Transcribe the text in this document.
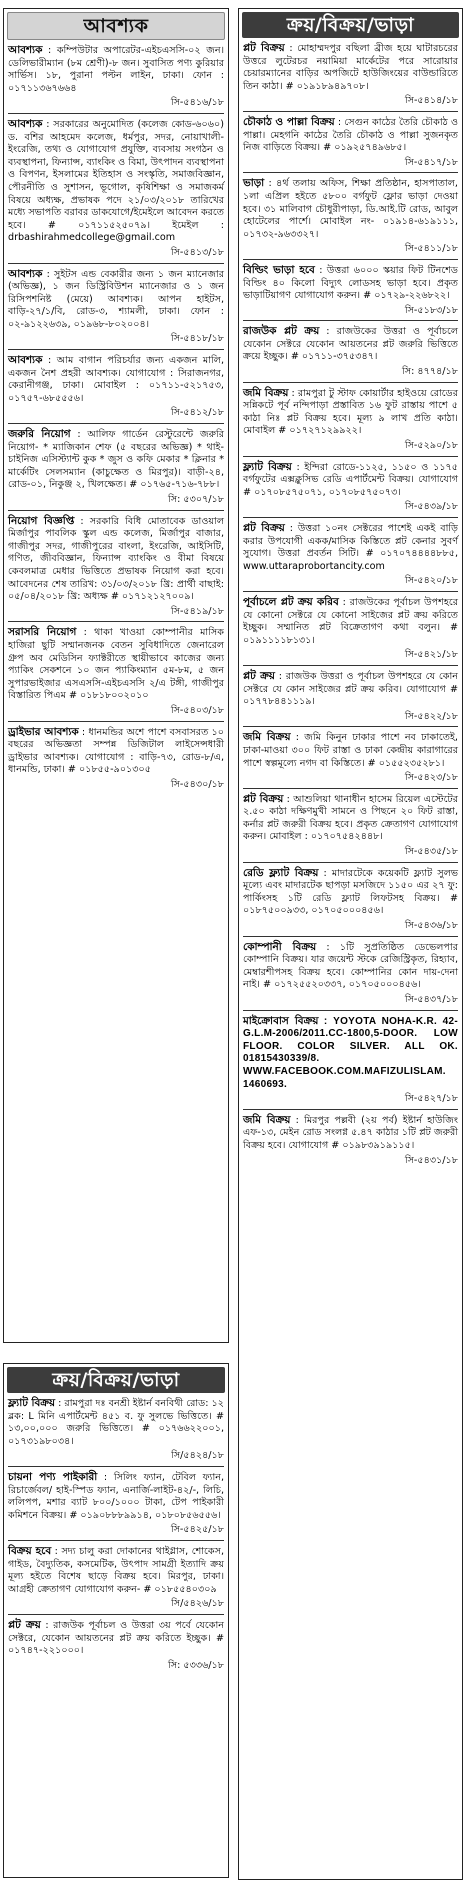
আবশ্যক
আবশ্যক : কম্পিউটার অপারেটর-এইচএসসি-০২ জন। ডেলিভারীম্যান (৮ম শ্রেণী)-৮ জন। সুবাসিত পণ্য কুরিয়ার সার্ভিস। ১৮, পুরানা পল্টন লাইন, ঢাকা। ফোন : ০১৭১১৩৬৭৬৬৪
সি-৫৪১৬/১৮
আবশ্যক : সরকারের অনুমোদিত (কলেজ কোড-৬০৬০) ড. বশির আহমেদ কলেজ, ধর্মপুর, সদর, নোয়াখালী-ইংরেজি, তথ্য ও যোগাযোগ প্রযুক্তি, ব্যবসায় সংগঠন ও ব্যবস্থাপনা, ফিন্যান্স, ব্যাংকিং ও বিমা, উৎপাদন ব্যবস্থাপনা ও বিপণন, ইসলামের ইতিহাস ও সংস্কৃতি, সমাজবিজ্ঞান, পৌরনীতি ও সুশাসন, ভূগোল, কৃষিশিক্ষা ও সমাজকর্ম বিষয়ে অধ্যক্ষ, প্রভাষক পদে ২১/০৩/২০১৮ তারিখের মধ্যে সভাপতি বরাবর ডাকযোগে/ইমেইলে আবেদন করতে হবে। # ০১৭১১৫২৫০৭৯। ইমেইল : drbashirahmedcollege@gmail.com
সি-৫৪১৩/১৮
আবশ্যক : সুইটস এন্ড বেকারীর জন্য ১ জন ম্যানেজার (অভিজ্ঞ), ১ জন ডিস্ট্রিবিউশন ম্যানেজার ও ১ জন রিসিপশনিষ্ট (মেয়ে) আবশ্যক। আপন হাইটস, বাড়ি-২৭/১/বি, রোড-৩, শ্যামলী, ঢাকা। ফোন : ০২-৯১২২৬৩৯, ০১৯৬৮-৮০২০০৪।
সি-৫৪১৮/১৮
আবশ্যক : আম বাগান পরিচর্যার জন্য একজন মালি, একজন নৈশ প্রহরী আবশ্যক। যোগাযোগ : সিরাজনগর, কেরানীগঞ্জ, ঢাকা। মোবাইল : ০১৭১১-৫২১৭৫৩, ০১৭৫৭-৬৮৫৫৫৬।
সি-৫৪১২/১৮
জরুরি নিয়োগ : আলিফ গার্ডেন রেস্টুরেন্টে জরুরি নিয়োগ- * ম্যাজিকান শেফ (৫ বছরের অভিজ্ঞ) * থাই-চাইনিজ এসিস্ট্যান্ট কুক * জুস ও কফি মেকার * ক্লিনার * মার্কেটিং সেলসম্যান (কাচুক্ষেত ও মিরপুর)। বাড়ী-২৪, রোড-০১, নিকুঞ্জ ২, খিলক্ষেত। # ০১৭৬৫-৭১৬-৭৮৮।
সি: ৫৩০৭/১৮
নিয়োগ বিজ্ঞপ্তি : সরকারি বিধি মোতাবেক ডাওয়াল মির্জাপুর পাবলিক স্কুল এন্ড কলেজ, মির্জাপুর বাজার, গাজীপুর সদর, গাজীপুরের বাংলা, ইংরেজি, আইসিটি, গণিত, জীববিজ্ঞান, ফিন্যান্স ব্যাংকিং ও বীমা বিষয়ে কেবলমাত্র মেধার ভিত্তিতে প্রভাষক নিয়োগ করা হবে। আবেদনের শেষ তারিখ: ৩১/০৩/২০১৮ খ্রি: প্রার্থী বাছাই: ০৫/০৪/২০১৮ খ্রি: অধ্যক্ষ # ০১৭১২১২৭০০৯।
সি-৫৪১৯/১৮
সরাসরি নিয়োগ : থাকা খাওয়া কোম্পানীর মাসিক হাজিরা ছুটি সম্মানজনক বেতন সুবিধাদিতে জেনারেল গ্রুপ অব মেডিসিন ফ্যাক্টরীতে স্থায়ীভাবে কাজের জন্য প্যাকিং সেকশনে ১০ জন প্যাকিংম্যান ৫ম-৮ম, ৫ জন সুপারভাইজার এসএসসি-এইচএসসি ২/এ টঙ্গী, গাজীপুর বিস্তারিত পিএম # ০১৮১৮০০২০১০
সি-৫৪০৩/১৮
ড্রাইভার আবশ্যক : ধানমন্ডির অশে পাশে বসবাসরত ১০ বছরের অভিজ্ঞতা সম্পন্ন ডিজিটাল লাইসেন্সধারী ড্রাইভার আবশ্যক। যোগাযোগ : বাড়ি-৭৩, রোড-৮/এ, ধানমন্ডি, ঢাকা। # ০১৮৫৫-৯০১৩০৫
সি-৫৪৩০/১৮
ক্রয়/বিক্রয়/ভাড়া
ফ্ল্যাট বিক্রয় : রামপুরা দঃ বনশ্রী ইষ্টার্ন বনবিথী রোড: ১২ ব্লক: L মিনি এপার্টমেন্ট ৪৫১ ব. ফু সুলভে ভিত্তিতে। # ১৩,০০,০০০ জরুরি ভিত্তিতে। # ০১৭৬৬২২০০১, ০১৭৩১৯৮০৩৪।
সি/৫৪২৪/১৮
চায়না পণ্য পাইকারী : সিলিং ফ্যান, টেবিল ফ্যান, রিচার্জেবল/ হাই-স্পিড ফ্যান, এনার্জি-লাইট-৪২/-, লিচি, ললিপপ, মশার ব্যাট ৮০০/১০০০ টাকা, টেপ পাইকারী কমিশনে বিক্রয়। # ০১৯০৮৮৮৯৯১৪, ০১৮০৮৫৬৫৫৬।
সি-৫৪২৫/১৮
বিক্রয় হবে : সদ্য চালু করা দোকানের থাইগ্লাস, শোকেস, গাইড, বৈদ্যুতিক, কসমেটিক, উৎপাদ সামগ্রী ইত্যাদি ক্রয় মূল্য হইতে বিশেষ ছাড়ে বিক্রয় হবে। মিরপুর, ঢাকা। আগ্রহী ক্রেতাগণ যোগাযোগ করুন- # ০১৮৫৫৪০৩০৯
সি/৫৪২৬/১৮
প্লট ক্রয় : রাজউক পূর্বাচল ও উত্তরা ৩য় পর্বে যেকোন সেক্টরে, যেকোন আয়তনের প্লট ক্রয় করিতে ইচ্ছুক। # ০১৭৪৭-২২১০০০।
সি: ৫৩৩৬/১৮
ক্রয়/বিক্রয়/ভাড়া
প্লট বিক্রয় : মোহাম্মদপুর বছিলা ব্রীজ হয়ে ঘাটারচরের উত্তরে লুটেরচর নয়ামিয়া মার্কেটের পরে সারোয়ার চেয়ারম্যানের বাড়ির অপজিটে হাউজিংয়ের বাউন্ডারিতে তিন কাঠা। # ০১৯১৮৯৪৯৭০৮।
সি-৫৪১৪/১৮
চৌকাঠ ও পাল্লা বিক্রয় : সেগুন কাঠের তৈরি চৌকাঠ ও পাল্লা। মেহগনি কাঠের তৈরি চৌকাঠ ও পাল্লা সুজনকৃত নিজ বাড়িতে বিক্রয়। # ০১৯২৫৭৪৯৬৮৫।
সি-৫৪১৭/১৮
ভাড়া : ৪র্থ তলায় অফিস, শিক্ষা প্রতিষ্ঠান, হাসপাতাল, ১লা এপ্রিল হইতে ৫৮০০ বর্গফুট ফ্লোর ভাড়া দেওয়া হবে। ৩১ মালিবাগ চৌধুরীপাড়া, ডি.আই.টি রোড, আবুল হোটেলের পার্শে। মোবাইল নং- ০১৯১৪-৬১৯১১১, ০১৭৩২-৯৬৩৩২৭।
সি-৫৪১১/১৮
বিল্ডিং ভাড়া হবে : উত্তরা ৬০০০ স্কয়ার ফিট টিনশেড বিল্ডিং ৪০ কিলো বিদ্যুৎ লোডসহ ভাড়া হবে। প্রকৃত ভাড়াটিয়াগণ যোগাযোগ করুন। # ০১৭২৯-২২৬৮২২।
সি-৫১৮৩/১৮
রাজউক প্লট ক্রয় : রাজউকের উত্তরা ও পূর্বাচলে যেকোন সেক্টরে যেকোন আয়তনের প্লট জরুরি ভিত্তিতে ক্রয়ে ইচ্ছুক। # ০১৭১১-৩৭৫৩৪৭।
সি: ৪৭৭৪/১৮
জমি বিক্রয় : রামপুরা টু স্টাফ কোয়ার্টার হাইওয়ে রোডের সন্নিকটে পূর্ব নন্দিপাড়া প্রস্তাবিত ১৬ ফুট রাস্তায় পাশে ৫ কাঠা নিঃ প্লট বিক্রয় হবে। মূল্য ৯ লাখ প্রতি কাঠা। মোবাইল # ০১৭২৭১২৯৯২২।
সি-৫২৯০/১৮
ফ্ল্যাট বিক্রয় : ইন্দিরা রোডে-১১২৫, ১১৫০ ও ১১৭৫ বর্গফুটের এক্সক্লুসিভ রেডি এপার্টমেন্ট বিক্রয়। যোগাযোগ # ০১৭০৮৫৭৫০৭১, ০১৭০৮৫৭৫০৭৩।
সি-৫৪৩৯/১৮
প্লট বিক্রয় : উত্তরা ১০নং সেক্টরের পাশেই একই বাড়ি করার উপযোগী একক/মাসিক কিস্তিতে প্লট কেনার সুবর্ণ সুযোগ। উত্তরা প্রবর্তন সিটি। # ০১৭০৭৪৪৪৪৮৮৫, www.uttaraprobortancity.com
সি-৫৪২০/১৮
পূর্বাচলে প্লট ক্রয় করিব : রাজউকের পূর্বাচল উপশহরে যে কোনো সেক্টরে যে কোনো সাইজের প্লট ক্রয় করিতে ইচ্ছুক। সম্মানিত প্লট বিক্রেতাগণ কথা বলুন। # ০১৯১১১১৮১৩১।
সি-৫৪২১/১৮
প্লট ক্রয় : রাজউক উত্তরা ও পূর্বাচল উপশহরে যে কোন সেক্টরে যে কোন সাইজের প্লট ক্রয় করিব। যোগাযোগ # ০১৭৭৮৪৪১১১৯।
সি-৫৪২২/১৮
জমি বিক্রয় : জমি কিনুন ঢাকার পাশে নব ঢাকাতেই, ঢাকা-মাওয়া ৩০০ ফিট রাস্তা ও ঢাকা কেন্দ্রীয় কারাগারের পাশে স্বল্পমূল্যে নগদ বা কিস্তিতে। # ০১৫৫২৩৫২৮১।
সি-৫৪২৩/১৮
প্লট বিক্রয় : আশুলিয়া থানাধীন হাসেম রিয়েল এস্টেটের ২.৫০ কাঠা দক্ষিণমুখী সামনে ও পিছনে ২০ ফিট রাস্তা, কর্নার প্লট জরুরী বিক্রয় হবে। প্রকৃত ক্রেতাগণ যোগাযোগ করুন। মোবাইল : ০১৭০৭৫৪২৪৪৮।
সি-৫৪৩৫/১৮
রেডি ফ্ল্যাট বিক্রয় : মাদারটেকে কয়েকটি ফ্ল্যাট সুলভ মূল্যে এবং মাদারটেক ছাপড়া মসজিদে ১১৫০ এর ২৭ ফু: পার্কিংসহ ১টি রেডি ফ্ল্যাট লিফটসহ বিক্রয়। # ০১৮৭৫০০৯৩৩, ০১৭০৫০০০৪৫৬।
সি-৫৪৩৬/১৮
কোম্পানী বিক্রয় : ১টি সুপ্রতিষ্ঠিত ডেভেলপার কোম্পানি বিক্রয়। যার জয়েন্ট স্টকে রেজিস্ট্রিকৃত, রিহ্যাব, মেম্বারশীপসহ বিক্রয় হবে। কোম্পানির কোন দায়-দেনা নাই। # ০১৭২৫৫২০৩৩৭, ০১৭০৫০০০৪৫৬।
সি-৫৪৩৭/১৮
মাইক্রোবাস বিক্রয় : YOYOTA NOHA-K.R. 42-G.L.M-2006/2011.CC-1800,5-DOOR. LOW FLOOR. COLOR SILVER. ALL OK. 01815430339/8. WWW.FACEBOOK.COM.MAFIZULISLAM. 1460693.
সি-৫৪২৭/১৮
জমি বিক্রয় : মিরপুর পল্লবী (২য় পর্ব) ইষ্টার্ন হাউজিং এফ-১৩, মেইন রোড সংলগ্ন ৫.৪৭ কাঠার ১টি প্লট জরুরী বিক্রয় হবে। যোগাযোগ # ০১৯৮৩৯১৯১১৫।
সি-৫৪৩১/১৮
